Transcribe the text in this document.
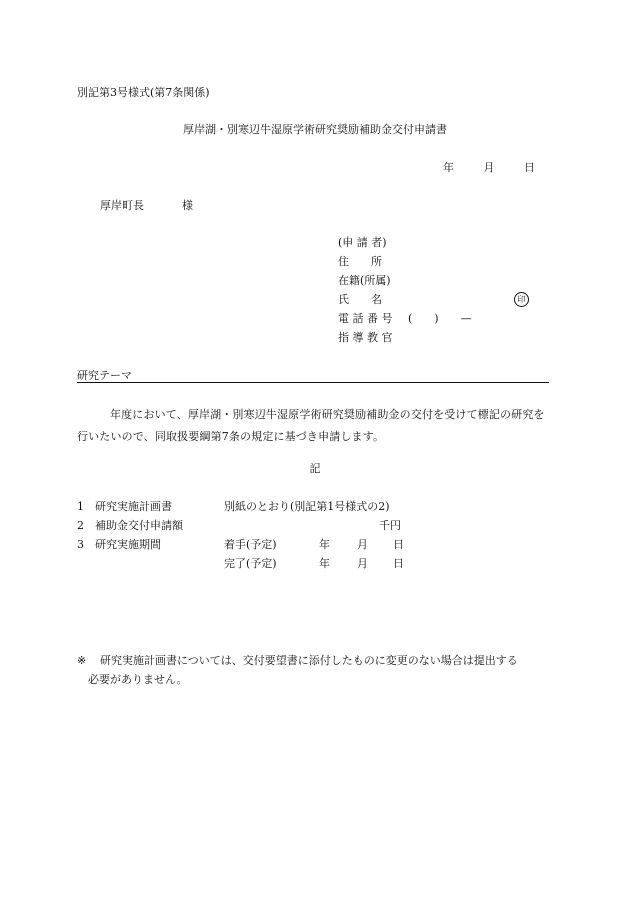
別記第3号様式(第7条関係)
厚岸湖・別寒辺牛湿原学術研究奨励補助金交付申請書
年	月	日
厚岸町長	様
(申 請 者)
住　　所
在籍(所属)
氏　　名	印
電 話 番 号 (　　)　　—
指 導 教 官
研究テーマ
年度において、厚岸湖・別寒辺牛湿原学術研究奨励補助金の交付を受けて標記の研究を行いたいので、同取扱要綱第7条の規定に基づき申請します。
記
1 研究実施計画書	別紙のとおり(別記第1号様式の2)
2 補助金交付申請額	千円
3 研究実施期間	着手(予定)	年 月 日
完了(予定)	年 月 日
※ 研究実施計画書については、交付要望書に添付したものに変更のない場合は提出する
必要がありません。
